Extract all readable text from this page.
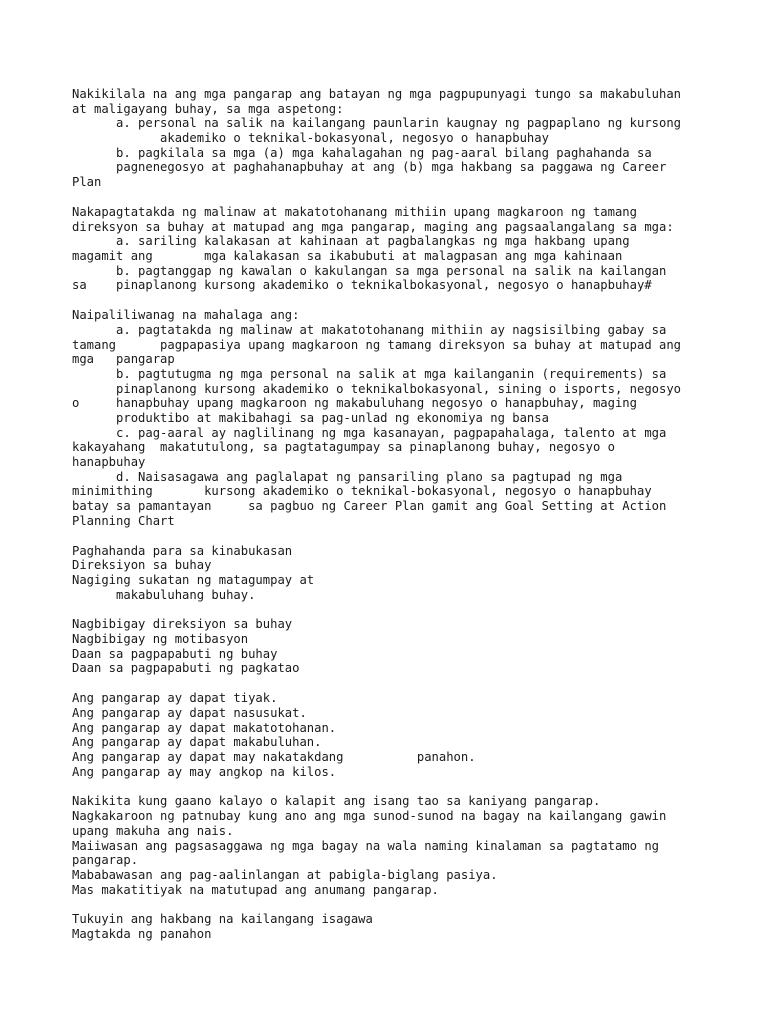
Nakikilala na ang mga pangarap ang batayan ng mga pagpupunyagi tungo sa makabuluhan
at maligayang buhay, sa mga aspetong:
a. personal na salik na kailangang paunlarin kaugnay ng pagpaplano ng kursong
akademiko o teknikal-bokasyonal, negosyo o hanapbuhay
b. pagkilala sa mga (a) mga kahalagahan ng pag-aaral bilang paghahanda sa
pagnenegosyo at paghahanapbuhay at ang (b) mga hakbang sa paggawa ng Career
Plan
Nakapagtatakda ng malinaw at makatotohanang mithiin upang magkaroon ng tamang
direksyon sa buhay at matupad ang mga pangarap, maging ang pagsaalangalang sa mga:
a. sariling kalakasan at kahinaan at pagbalangkas ng mga hakbang upang
magamit ang       mga kalakasan sa ikabubuti at malagpasan ang mga kahinaan
b. pagtanggap ng kawalan o kakulangan sa mga personal na salik na kailangan
sa    pinaplanong kursong akademiko o teknikalbokasyonal, negosyo o hanapbuhay#
Naipaliliwanag na mahalaga ang:
a. pagtatakda ng malinaw at makatotohanang mithiin ay nagsisilbing gabay sa
tamang      pagpapasiya upang magkaroon ng tamang direksyon sa buhay at matupad ang
mga   pangarap
b. pagtutugma ng mga personal na salik at mga kailanganin (requirements) sa
pinaplanong kursong akademiko o teknikalbokasyonal, sining o isports, negosyo
o     hanapbuhay upang magkaroon ng makabuluhang negosyo o hanapbuhay, maging
produktibo at makibahagi sa pag-unlad ng ekonomiya ng bansa
c. pag-aaral ay naglilinang ng mga kasanayan, pagpapahalaga, talento at mga
kakayahang  makatutulong, sa pagtatagumpay sa pinaplanong buhay, negosyo o
hanapbuhay
d. Naisasagawa ang paglalapat ng pansariling plano sa pagtupad ng mga
minimithing       kursong akademiko o teknikal-bokasyonal, negosyo o hanapbuhay
batay sa pamantayan     sa pagbuo ng Career Plan gamit ang Goal Setting at Action
Planning Chart
Paghahanda para sa kinabukasan
Direksiyon sa buhay
Nagiging sukatan ng matagumpay at
makabuluhang buhay.
Nagbibigay direksiyon sa buhay
Nagbibigay ng motibasyon
Daan sa pagpapabuti ng buhay
Daan sa pagpapabuti ng pagkatao
Ang pangarap ay dapat tiyak.
Ang pangarap ay dapat nasusukat.
Ang pangarap ay dapat makatotohanan.
Ang pangarap ay dapat makabuluhan.
Ang pangarap ay dapat may nakatakdang          panahon.
Ang pangarap ay may angkop na kilos.
Nakikita kung gaano kalayo o kalapit ang isang tao sa kaniyang pangarap.
Nagkakaroon ng patnubay kung ano ang mga sunod-sunod na bagay na kailangang gawin
upang makuha ang nais.
Maiiwasan ang pagsasaggawa ng mga bagay na wala naming kinalaman sa pagtatamo ng
pangarap.
Mababawasan ang pag-aalinlangan at pabigla-biglang pasiya.
Mas makatitiyak na matutupad ang anumang pangarap.
Tukuyin ang hakbang na kailangang isagawa
Magtakda ng panahon
